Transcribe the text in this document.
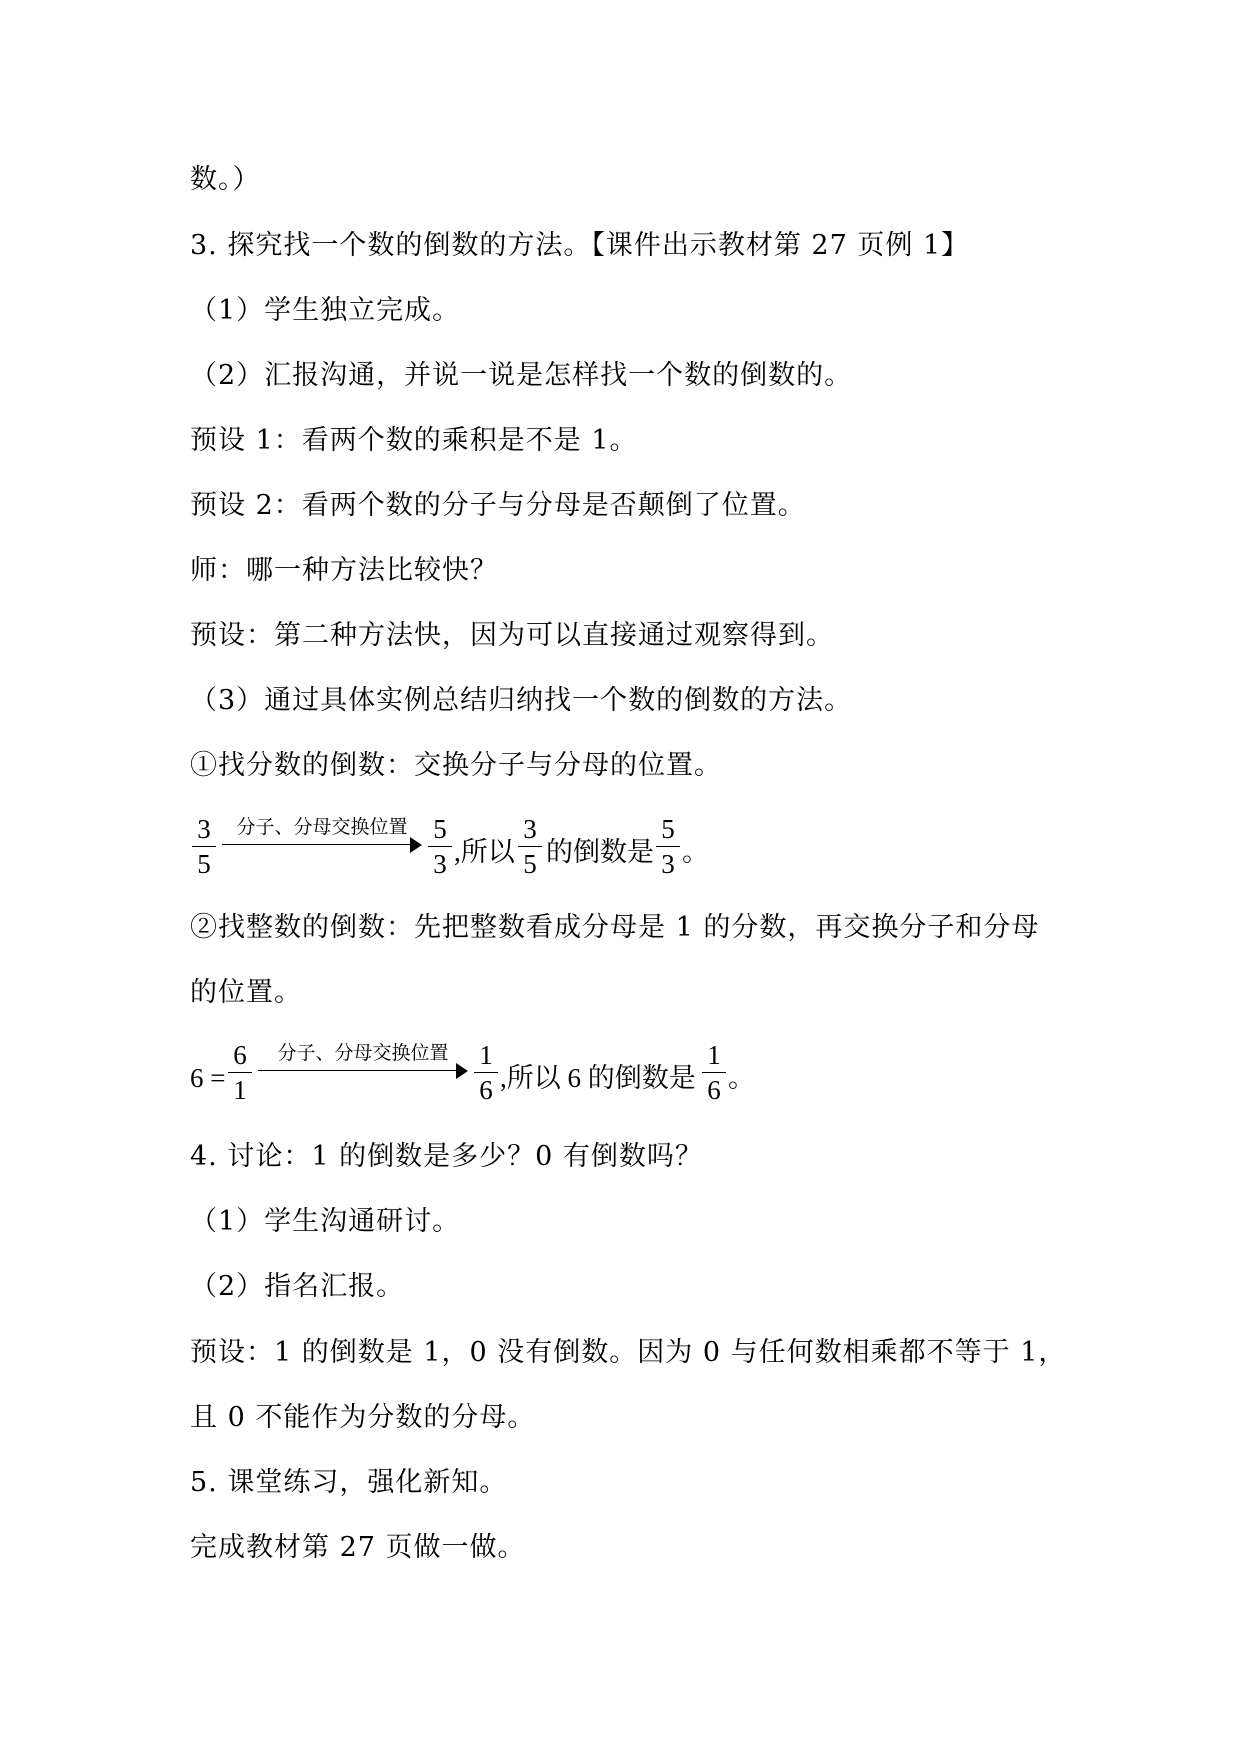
数。）
3. 探究找一个数的倒数的方法。【课件出示教材第 27 页例 1】
（1）学生独立完成。
（2）汇报沟通，并说一说是怎样找一个数的倒数的。
预设 1：看两个数的乘积是不是 1。
预设 2：看两个数的分子与分母是否颠倒了位置。
师：哪一种方法比较快？
预设：第二种方法快，因为可以直接通过观察得到。
（3）通过具体实例总结归纳找一个数的倒数的方法。
①找分数的倒数：交换分子与分母的位置。
3
5
分子、分母交换位置 5
3 ,所以
3
5 的倒数是
5
3 。
②找整数的倒数：先把整数看成分母是 1 的分数，再交换分子和分母
的位置。
6 =
6
1
分子、分母交换位置	1
6 ,所以 6 的倒数是
1
6 。
4. 讨论：1 的倒数是多少？0 有倒数吗？
（1）学生沟通研讨。
（2）指名汇报。
预设：1 的倒数是 1，0 没有倒数。因为 0 与任何数相乘都不等于 1，
且 0 不能作为分数的分母。
5. 课堂练习，强化新知。
完成教材第 27 页做一做。
